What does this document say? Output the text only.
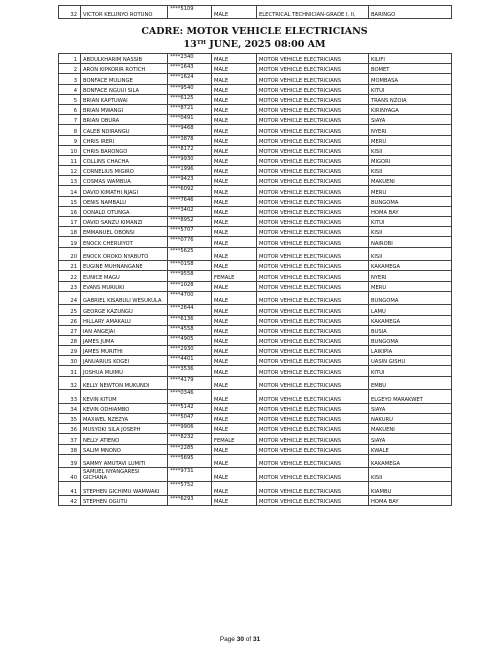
32	VICTOR KELUNYO ROTUNO	****5109	MALE	ELECTRICAL TECHNICIAN-GRADE I, II,	BARINGO
CADRE: MOTOR VEHICLE ELECTRICIANS
13TH JUNE, 2025 08:00 AM
1	ABDULKHARIM NASSIB	****2340	MALE	MOTOR VEHICLE ELECTRICIANS	KILIFI
2	ARON KIPKORIR ROTICH	****1643	MALE	MOTOR VEHICLE ELECTRICIANS	BOMET
3	BONFACE MULINGE	****1624	MALE	MOTOR VEHICLE ELECTRICIANS	MOMBASA
4	BONFACE NGUUI SILA	****9540	MALE	MOTOR VEHICLE ELECTRICIANS	KITUI
5	BRIAN KAPTUWAI	****6125	MALE	MOTOR VEHICLE ELECTRICIANS	TRANS NZOIA
6	BRIAN MWANGI	****8721	MALE	MOTOR VEHICLE ELECTRICIANS	KIRINYAGA
7	BRIAN OBURA	****0491	MALE	MOTOR VEHICLE ELECTRICIANS	SIAYA
8	CALEB NDIRANGU	****9468	MALE	MOTOR VEHICLE ELECTRICIANS	NYERI
9	CHRIS IRERI	****3878	MALE	MOTOR VEHICLE ELECTRICIANS	MERU
10	CHRIS BARONGO	****8172	MALE	MOTOR VEHICLE ELECTRICIANS	KISII
11	COLLINS CHACHA	****9930	MALE	MOTOR VEHICLE ELECTRICIANS	MIGORI
12	CORNELIUS MIGIRO	****1996	MALE	MOTOR VEHICLE ELECTRICIANS	KISII
13	COSMAS WAMBUA	****9423	MALE	MOTOR VEHICLE ELECTRICIANS	MAKUENI
14	DAVID KIMATHI NJAGI	****6092	MALE	MOTOR VEHICLE ELECTRICIANS	MERU
15	DENIS NAMBALU	****7646	MALE	MOTOR VEHICLE ELECTRICIANS	BUNGOMA
16	DONALD OTUNGA	****3402	MALE	MOTOR VEHICLE ELECTRICIANS	HOMA BAY
17	DAVID SANZU KIMANZI	****8952	MALE	MOTOR VEHICLE ELECTRICIANS	KITUI
18	EMMANUEL OBONSI	****5707	MALE	MOTOR VEHICLE ELECTRICIANS	KISII
19	ENOCK CHERUIYOT	****0776	MALE	MOTOR VEHICLE ELECTRICIANS	NAIROBI
20	ENOCK OROKO NYABUTO	****5625	MALE	MOTOR VEHICLE ELECTRICIANS	KISII
21	EUGINE MUHNANGANE	****0158	MALE	MOTOR VEHICLE ELECTRICIANS	KAKAMEGA
22	EUNICE MAGU	****9558	FEMALE	MOTOR VEHICLE ELECTRICIANS	NYERI
23	EVANS MURIUKI	****1028	MALE	MOTOR VEHICLE ELECTRICIANS	MERU
24	GABRIEL KISABULI WESUKULA	****4700	MALE	MOTOR VEHICLE ELECTRICIANS	BUNGOMA
25	GEORGE KAZUNGU	****2644	MALE	MOTOR VEHICLE ELECTRICIANS	LAMU
26	HILLARY AMAKALU	****6136	MALE	MOTOR VEHICLE ELECTRICIANS	KAKAMEGA
27	IAN ANGEJAI	****4558	MALE	MOTOR VEHICLE ELECTRICIANS	BUSIA
28	JAMES JUMA	****4905	MALE	MOTOR VEHICLE ELECTRICIANS	BUNGOMA
29	JAMES MURITHI	****2930	MALE	MOTOR VEHICLE ELECTRICIANS	LAIKIPIA
30	JANUARIUS KOGEI	****4401	MALE	MOTOR VEHICLE ELECTRICIANS	UASIN GISHU
31	JOSHUA MUIMU	****3536	MALE	MOTOR VEHICLE ELECTRICIANS	KITUI
32	KELLY NEWTON MUKUNDI	****4179	MALE	MOTOR VEHICLE ELECTRICIANS	EMBU
33	KEVIN KITUM	****0346	MALE	MOTOR VEHICLE ELECTRICIANS	ELGEYO MARAKWET
34	KEVIN ODHIAMBO	****5142	MALE	MOTOR VEHICLE ELECTRICIANS	SIAYA
35	MAXWEL NZEZYA	****5047	MALE	MOTOR VEHICLE ELECTRICIANS	NAKURU
36	MUSYOKI SILA JOSEPH	****9906	MALE	MOTOR VEHICLE ELECTRICIANS	MAKUENI
37	NELLY ATIENO	****8232	FEMALE	MOTOR VEHICLE ELECTRICIANS	SIAYA
38	SALIM MNONO	****2285	MALE	MOTOR VEHICLE ELECTRICIANS	KWALE
39	SAMMY AMUTAVI LUMITI	****5695	MALE	MOTOR VEHICLE ELECTRICIANS	KAKAMEGA
40	SAMUEL NYANGARESI GICHANA	****9731	MALE	MOTOR VEHICLE ELECTRICIANS	KISII
41	STEPHEN GICHIMU WAMWAKI	****5752	MALE	MOTOR VEHICLE ELECTRICIANS	KIAMBU
42	STEPHEN OGUTU	****6293	MALE	MOTOR VEHICLE ELECTRICIANS	HOMA BAY
Page 30 of 31
